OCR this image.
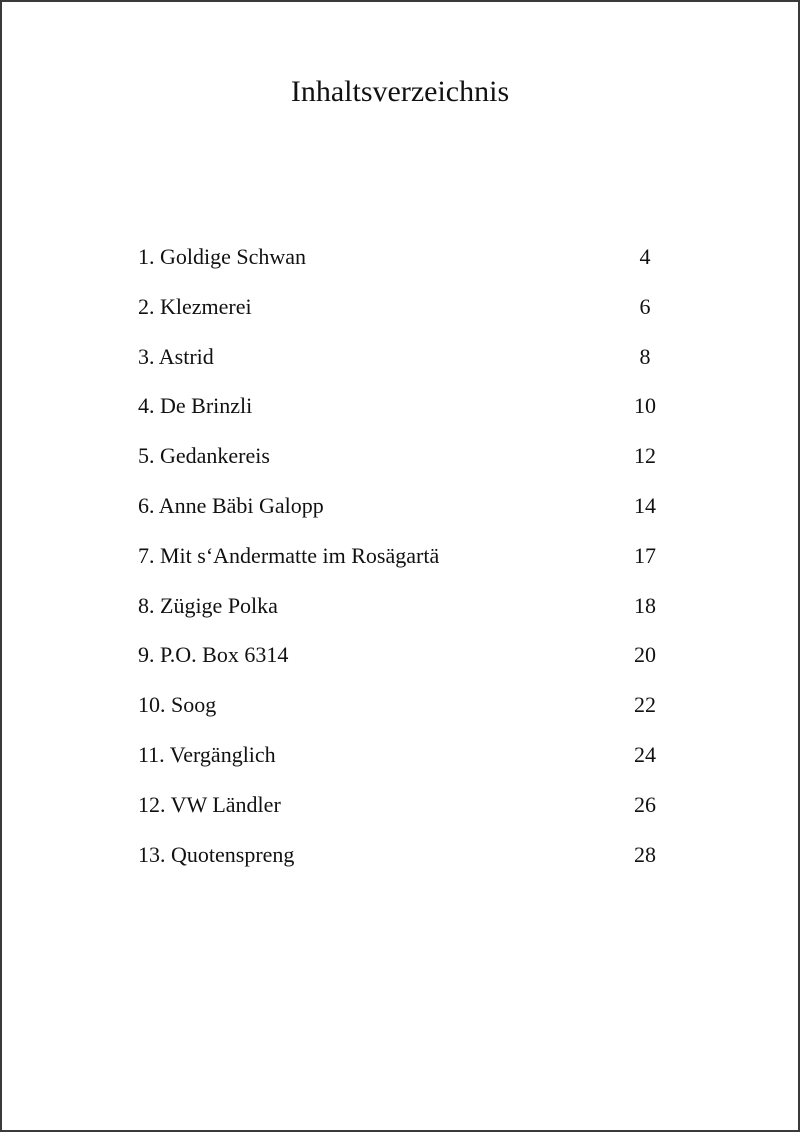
Inhaltsverzeichnis
1. Goldige Schwan	4
2. Klezmerei	6
3. Astrid	8
4. De Brinzli	10
5. Gedankereis	12
6. Anne Bäbi Galopp	14
7. Mit s‘Andermatte im Rosägartä	17
8. Zügige Polka	18
9. P.O. Box 6314	20
10. Soog	22
11. Vergänglich	24
12. VW Ländler	26
13. Quotenspreng	28
